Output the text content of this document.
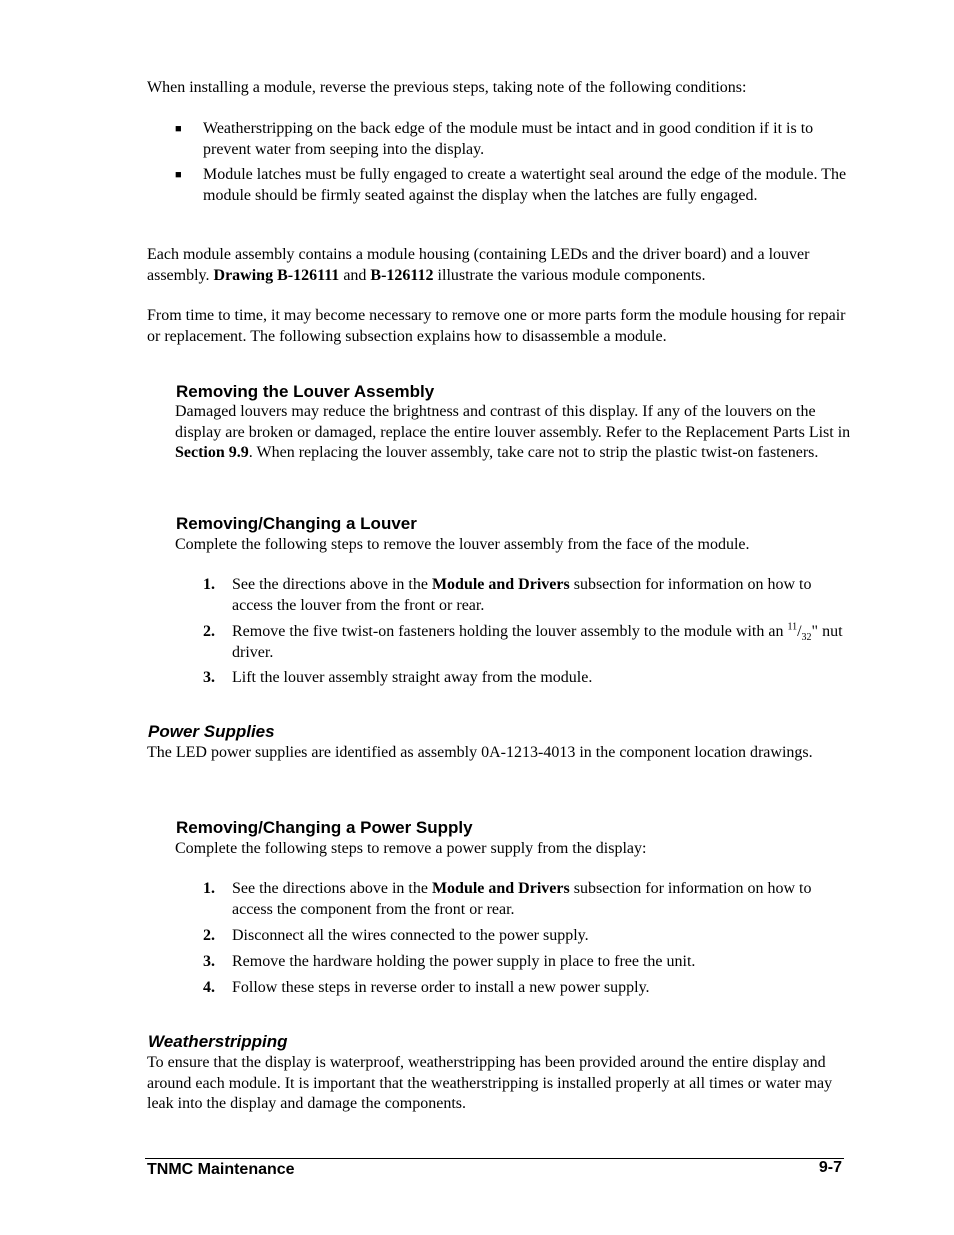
When installing a module, reverse the previous steps, taking note of the following conditions:

■ Weatherstripping on the back edge of the module must be intact and in good condition if it is to prevent water from seeping into the display.
■ Module latches must be fully engaged to create a watertight seal around the edge of the module. The module should be firmly seated against the display when the latches are fully engaged.

Each module assembly contains a module housing (containing LEDs and the driver board) and a louver assembly. Drawing B-126111 and B-126112 illustrate the various module components.

From time to time, it may become necessary to remove one or more parts form the module housing for repair or replacement. The following subsection explains how to disassemble a module.

Removing the Louver Assembly

Damaged louvers may reduce the brightness and contrast of this display. If any of the louvers on the display are broken or damaged, replace the entire louver assembly. Refer to the Replacement Parts List in Section 9.9. When replacing the louver assembly, take care not to strip the plastic twist-on fasteners.

Removing/Changing a Louver

Complete the following steps to remove the louver assembly from the face of the module.

1. See the directions above in the Module and Drivers subsection for information on how to access the louver from the front or rear.
2. Remove the five twist-on fasteners holding the louver assembly to the module with an $^{11}/_{32}$" nut driver.
3. Lift the louver assembly straight away from the module.
Power Supplies

The LED power supplies are identified as assembly 0A-1213-4013 in the component location drawings.

Removing/Changing a Power Supply

Complete the following steps to remove a power supply from the display:

1. See the directions above in the Module and Drivers subsection for information on how to access the component from the front or rear.
2. Disconnect all the wires connected to the power supply.
3. Remove the hardware holding the power supply in place to free the unit.
4. Follow these steps in reverse order to install a new power supply.
Weatherstripping

To ensure that the display is waterproof, weatherstripping has been provided around the entire display and around each module. It is important that the weatherstripping is installed properly at all times or water may leak into the display and damage the components.

TNMC Maintenance	9-7
